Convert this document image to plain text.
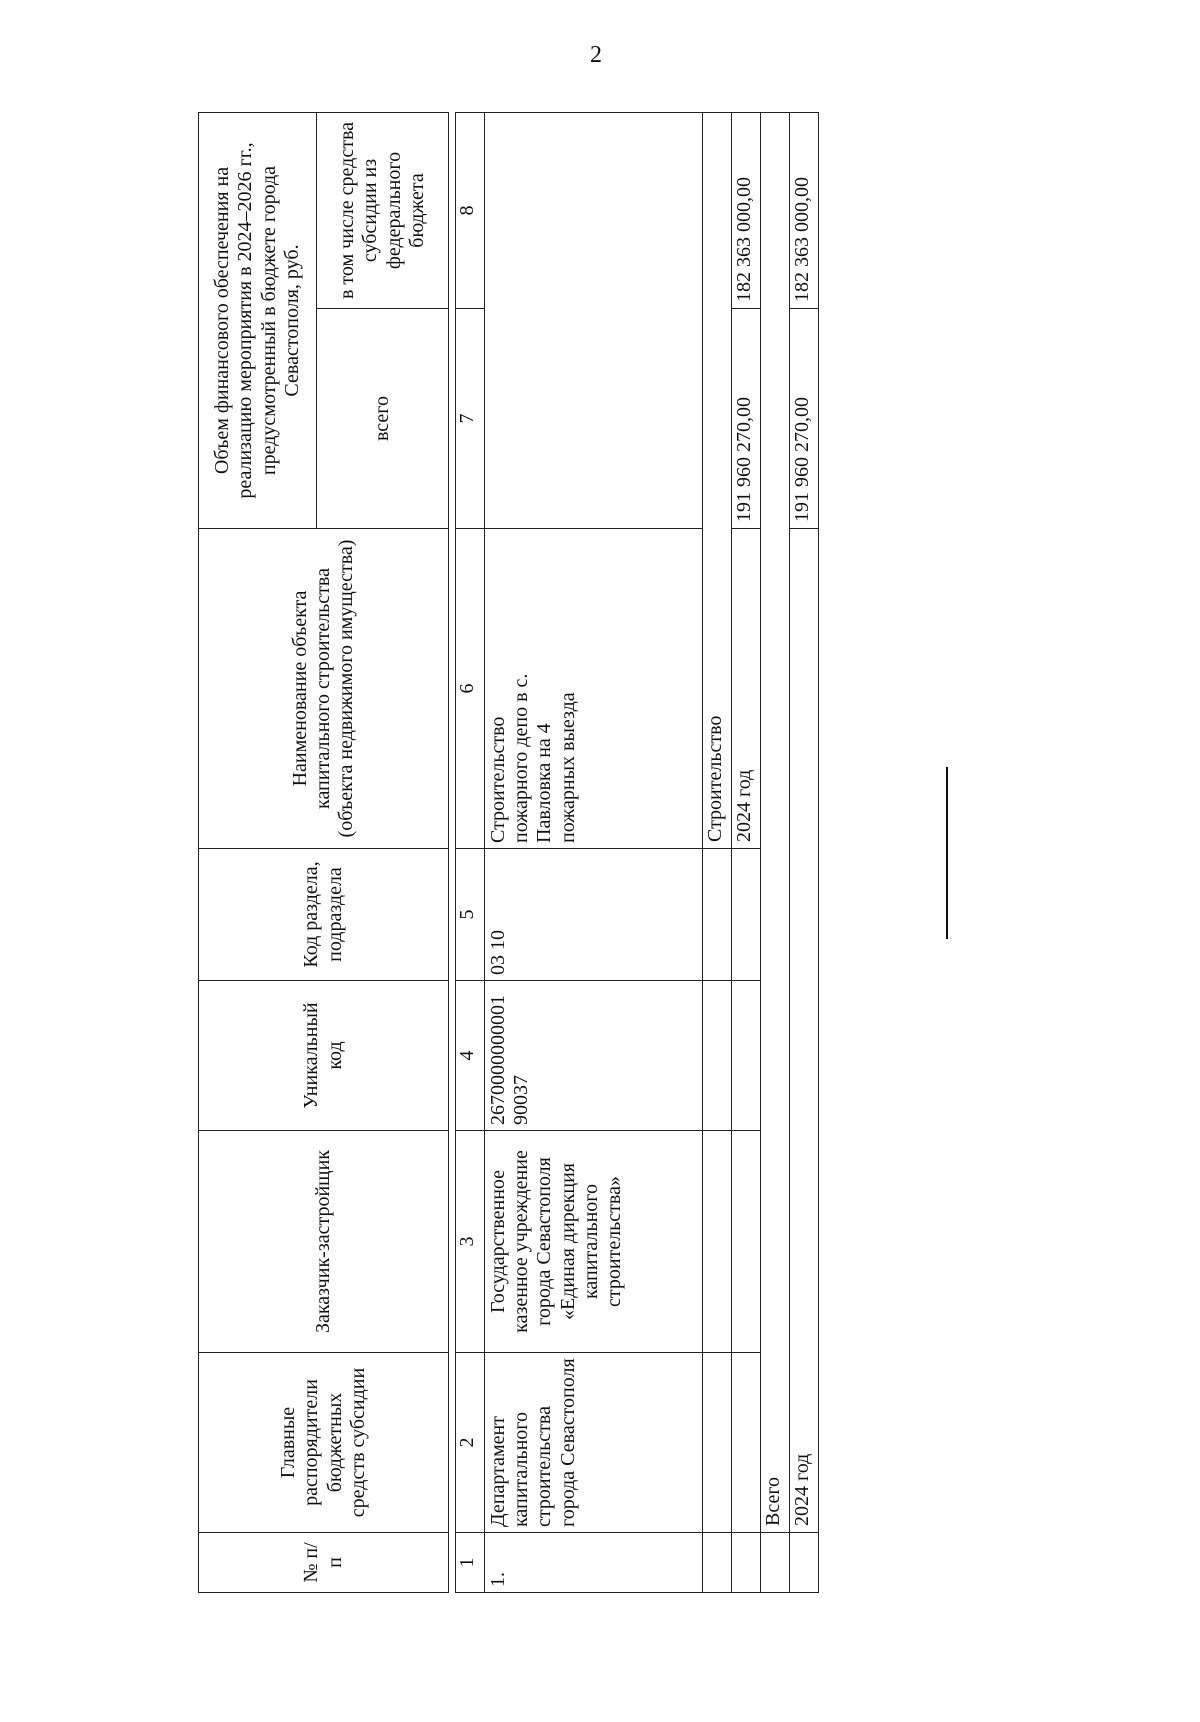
2
№ п/п	Главные распорядители бюджетных средств субсидии	Заказчик-застройщик	Уникальный код	Код раздела, подраздела	Наименование объекта капитального строительства (объекта недвижимого имущества)	Объем финансового обеспечения на реализацию мероприятия в 2024–2026 гг., предусмотренный в бюджете города Севастополя, руб.	
						всего	в том числе средства субсидии из федерального бюджета

1	2	3	4	5	6	7	8
1.	Департамент капитального строительства города Севастополя	Государственное казенное учреждение города Севастополя «Единая дирекция капитального строительства»	267000000000190037	03 10	Строительство пожарного депо в с. Павловка на 4 пожарных выезда		
					Строительство		
					2024 год	191 960 270,00	182 363 000,00
	Всего						
	2024 год					191 960 270,00	182 363 000,00
